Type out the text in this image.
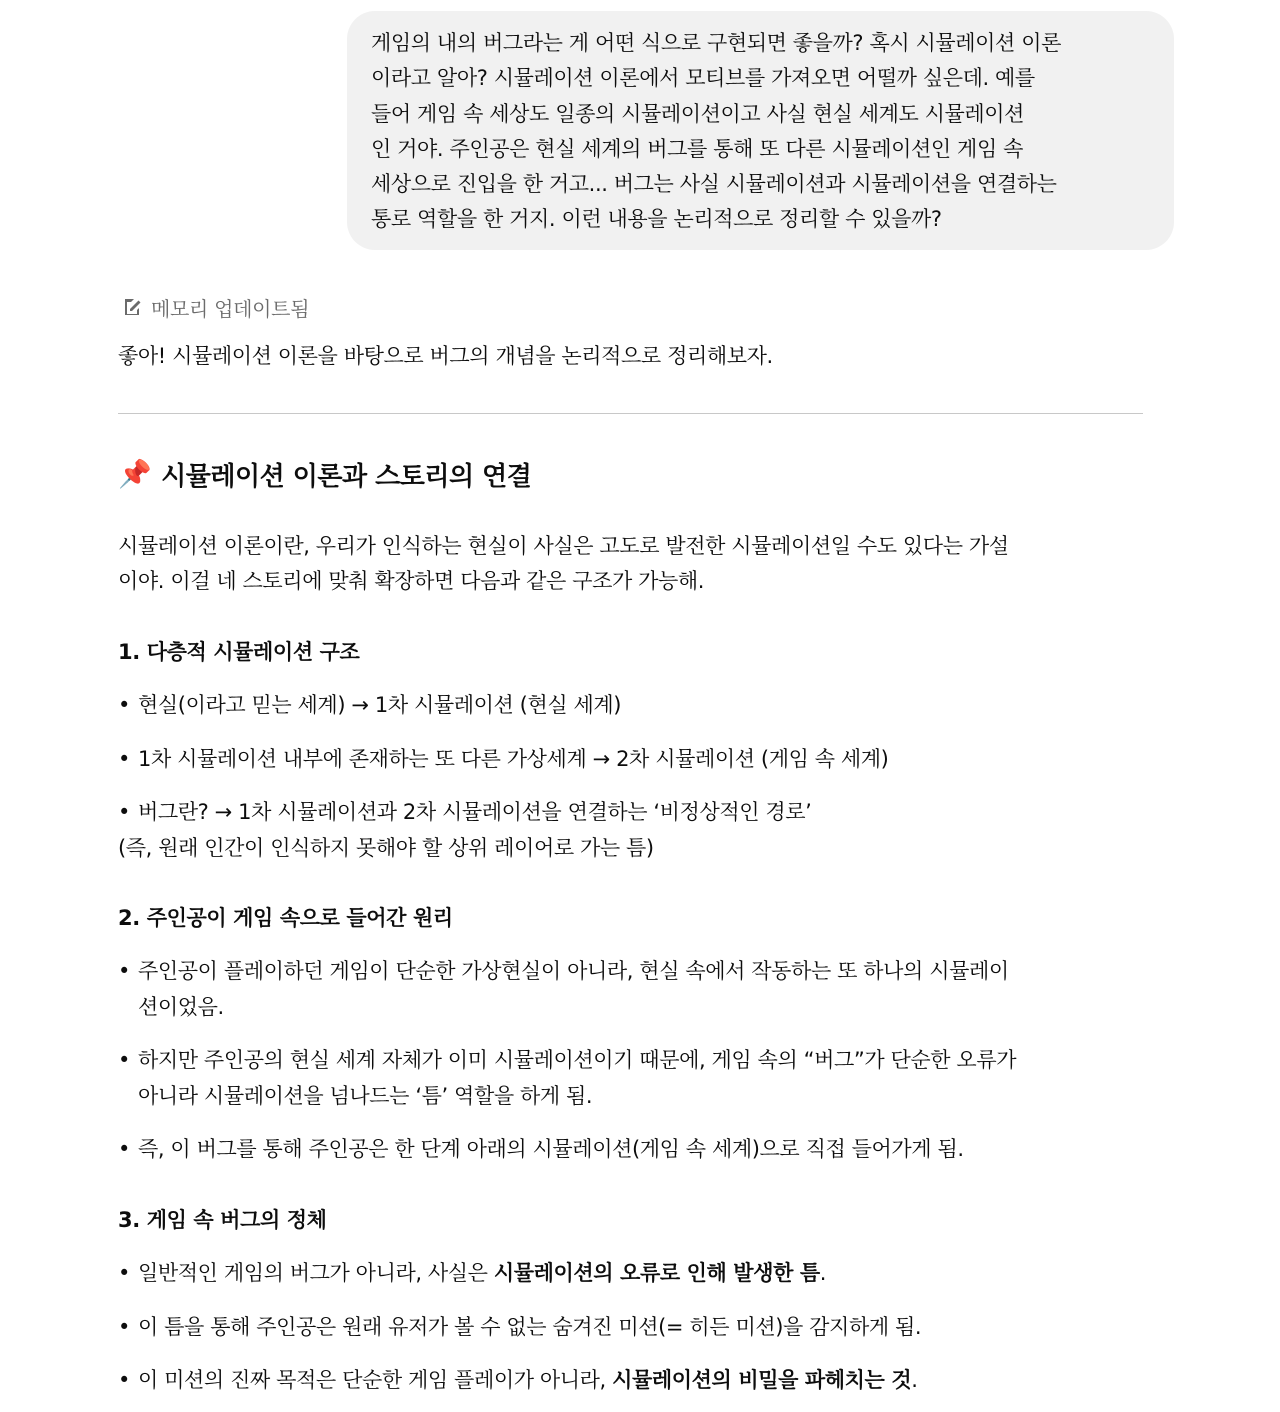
게임의 내의 버그라는 게 어떤 식으로 구현되면 좋을까? 혹시 시뮬레이션 이론
이라고 알아? 시뮬레이션 이론에서 모티브를 가져오면 어떨까 싶은데. 예를
들어 게임 속 세상도 일종의 시뮬레이션이고 사실 현실 세계도 시뮬레이션
인 거야. 주인공은 현실 세계의 버그를 통해 또 다른 시뮬레이션인 게임 속
세상으로 진입을 한 거고... 버그는 사실 시뮬레이션과 시뮬레이션을 연결하는
통로 역할을 한 거지. 이런 내용을 논리적으로 정리할 수 있을까?
메모리 업데이트됨
좋아! 시뮬레이션 이론을 바탕으로 버그의 개념을 논리적으로 정리해보자.
📌 시뮬레이션 이론과 스토리의 연결
시뮬레이션 이론이란, 우리가 인식하는 현실이 사실은 고도로 발전한 시뮬레이션일 수도 있다는 가설
이야. 이걸 네 스토리에 맞춰 확장하면 다음과 같은 구조가 가능해.
1. 다층적 시뮬레이션 구조
• 현실(이라고 믿는 세계) → 1차 시뮬레이션 (현실 세계)
• 1차 시뮬레이션 내부에 존재하는 또 다른 가상세계 → 2차 시뮬레이션 (게임 속 세계)
• 버그란? → 1차 시뮬레이션과 2차 시뮬레이션을 연결하는 ‘비정상적인 경로’
(즉, 원래 인간이 인식하지 못해야 할 상위 레이어로 가는 틈)
2. 주인공이 게임 속으로 들어간 원리
• 주인공이 플레이하던 게임이 단순한 가상현실이 아니라, 현실 속에서 작동하는 또 하나의 시뮬레이
션이었음.
• 하지만 주인공의 현실 세계 자체가 이미 시뮬레이션이기 때문에, 게임 속의 “버그”가 단순한 오류가
아니라 시뮬레이션을 넘나드는 ‘틈’ 역할을 하게 됨.
• 즉, 이 버그를 통해 주인공은 한 단계 아래의 시뮬레이션(게임 속 세계)으로 직접 들어가게 됨.
3. 게임 속 버그의 정체
• 일반적인 게임의 버그가 아니라, 사실은 시뮬레이션의 오류로 인해 발생한 틈.
• 이 틈을 통해 주인공은 원래 유저가 볼 수 없는 숨겨진 미션(= 히든 미션)을 감지하게 됨.
• 이 미션의 진짜 목적은 단순한 게임 플레이가 아니라, 시뮬레이션의 비밀을 파헤치는 것.
